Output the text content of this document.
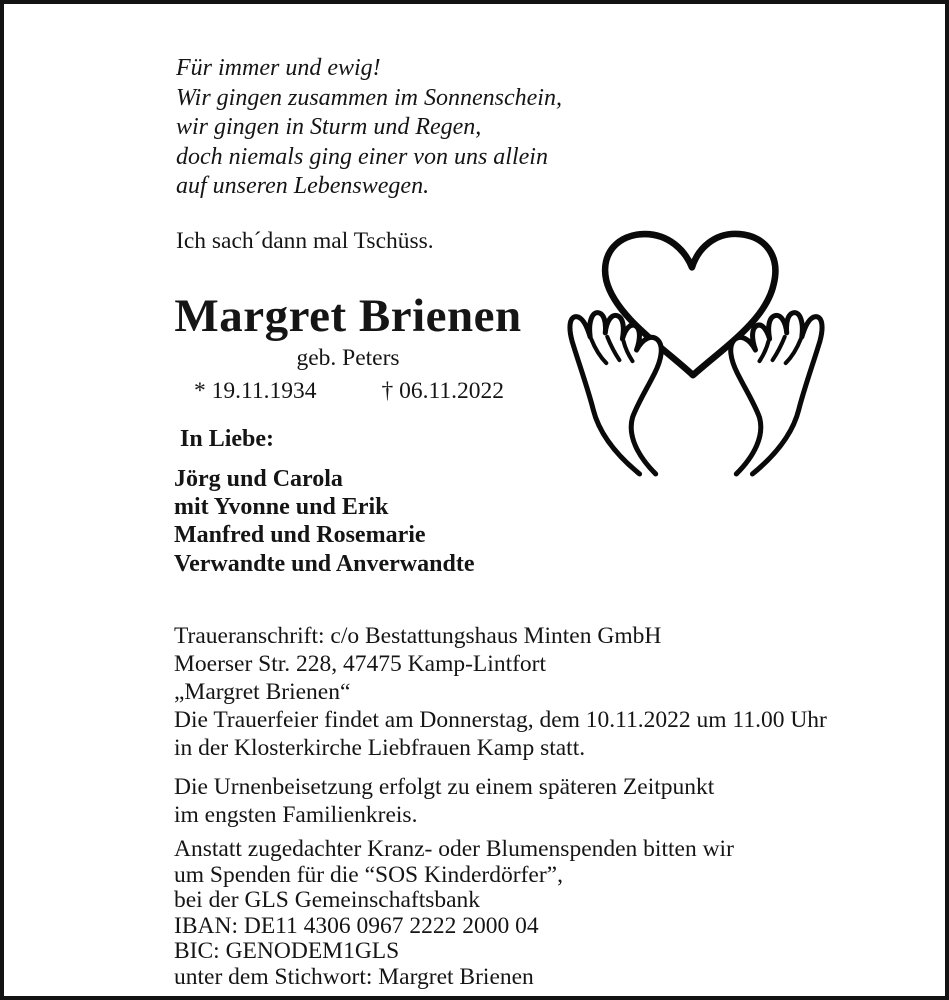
Für immer und ewig!
Wir gingen zusammen im Sonnenschein,
wir gingen in Sturm und Regen,
doch niemals ging einer von uns allein
auf unseren Lebenswegen.
Ich sach´dann mal Tschüss.
Margret Brienen
geb. Peters
* 19.11.1934	† 06.11.2022
In Liebe:
Jörg und Carola
mit Yvonne und Erik
Manfred und Rosemarie
Verwandte und Anverwandte
Traueranschrift: c/o Bestattungshaus Minten GmbH
Moerser Str. 228, 47475 Kamp-Lintfort
„Margret Brienen“
Die Trauerfeier findet am Donnerstag, dem 10.11.2022 um 11.00 Uhr
in der Klosterkirche Liebfrauen Kamp statt.
Die Urnenbeisetzung erfolgt zu einem späteren Zeitpunkt
im engsten Familienkreis.
Anstatt zugedachter Kranz- oder Blumenspenden bitten wir
um Spenden für die “SOS Kinderdörfer”,
bei der GLS Gemeinschaftsbank
IBAN: DE11 4306 0967 2222 2000 04
BIC: GENODEM1GLS
unter dem Stichwort: Margret Brienen
